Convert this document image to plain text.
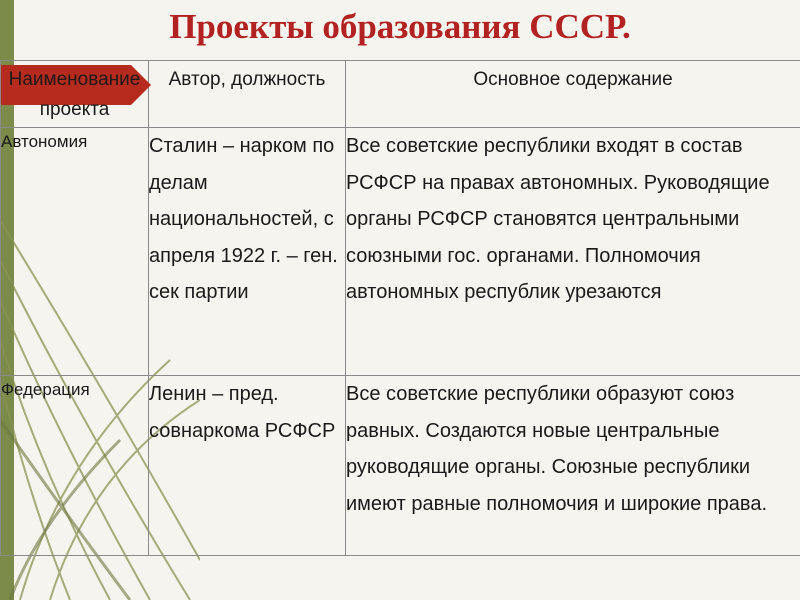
Проекты образования СССР.
Наименование проекта	Автор, должность	Основное содержание
Автономия	Сталин – нарком по делам национальностей, с апреля 1922 г. – ген. сек партии	Все советские республики входят в состав РСФСР на правах автономных. Руководящие органы РСФСР становятся центральными союзными гос. органами. Полномочия автономных республик урезаются
Федерация	Ленин – пред. совнаркома РСФСР	Все советские республики образуют союз равных. Создаются новые центральные руководящие органы. Союзные республики имеют равные полномочия и широкие права.
